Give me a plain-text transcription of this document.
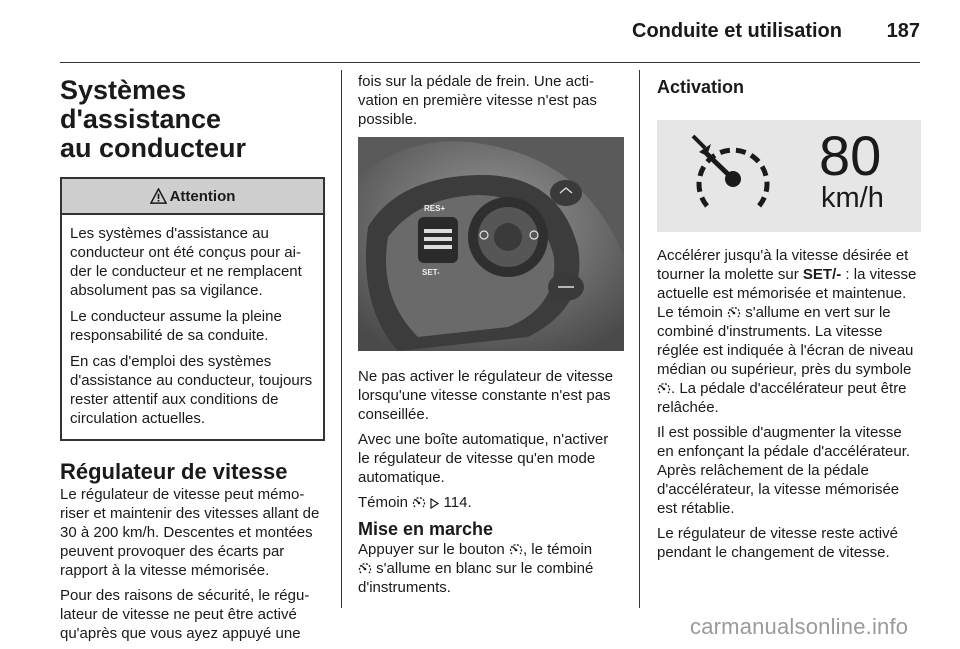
Conduite et utilisation 187
Systèmes d'assistance
au conducteur
Attention

Les systèmes d'assistance au conducteur ont été conçus pour aider le conducteur et ne remplacent absolument pas sa vigilance.

Le conducteur assume la pleine responsabilité de sa conduite.

En cas d'emploi des systèmes d'assistance au conducteur, toujours rester attentif aux conditions de circulation actuelles.

Régulateur de vitesse

Le régulateur de vitesse peut mémoriser et maintenir des vitesses allant de 30 à 200 km/h. Descentes et montées peuvent provoquer des écarts par rapport à la vitesse mémorisée.

Pour des raisons de sécurité, le régulateur de vitesse ne peut être activé qu'après que vous ayez appuyé une

fois sur la pédale de frein. Une activation en première vitesse n'est pas possible.

RES+
SET-

Ne pas activer le régulateur de vitesse lorsqu'une vitesse constante n'est pas conseillée.

Avec une boîte automatique, n'activer le régulateur de vitesse qu'en mode automatique.

Témoin 114.

Mise en marche

Appuyer sur le bouton , le témoin
s'allume en blanc sur le combiné d'instruments.

Activation
80
km/h

Accélérer jusqu'à la vitesse désirée et tourner la molette sur SET/- : la vitesse actuelle est mémorisée et maintenue. Le témoin s'allume en vert sur le combiné d'instruments. La vitesse réglée est indiquée à l'écran de niveau médian ou supérieur, près du symbole . La pédale d'accélérateur peut être relâchée.

Il est possible d'augmenter la vitesse en enfonçant la pédale d'accélérateur. Après relâchement de la pédale d'accélérateur, la vitesse mémorisée est rétablie.

Le régulateur de vitesse reste activé pendant le changement de vitesse.

carmanualsonline.info
